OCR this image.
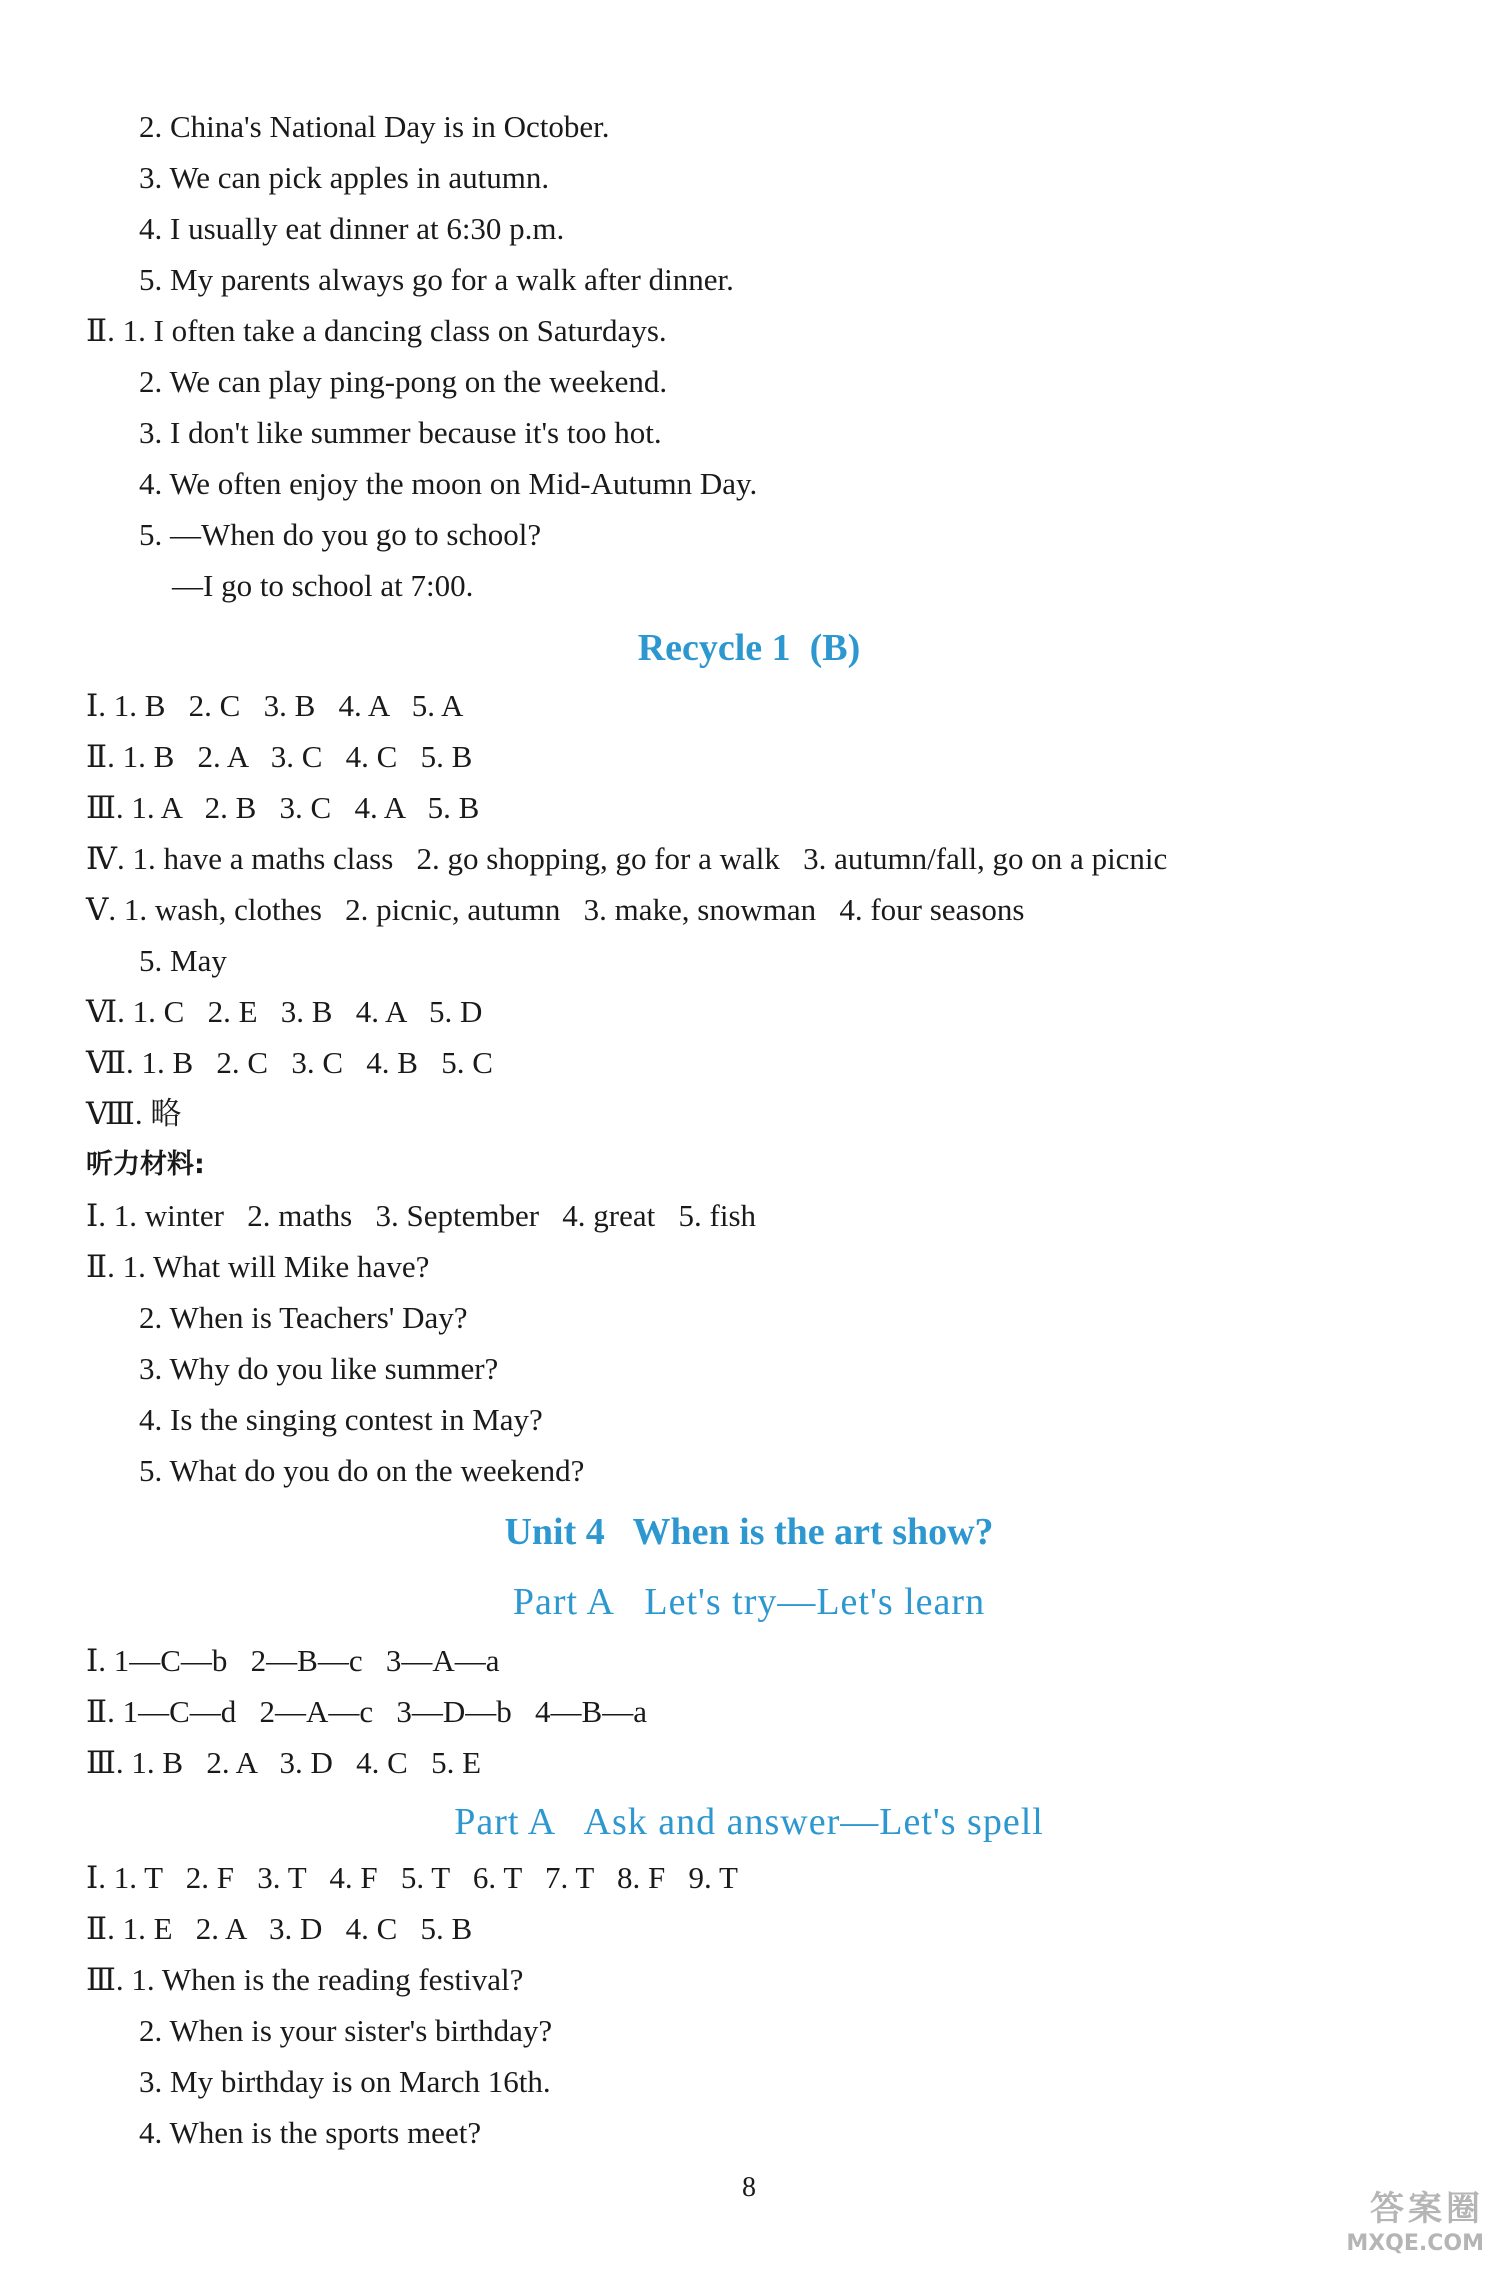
2. China's National Day is in October.
3. We can pick apples in autumn.
4. I usually eat dinner at 6:30 p.m.
5. My parents always go for a walk after dinner.
Ⅱ. 1. I often take a dancing class on Saturdays.
2. We can play ping-pong on the weekend.
3. I don't like summer because it's too hot.
4. We often enjoy the moon on Mid-Autumn Day.
5. —When do you go to school?
—I go to school at 7:00.
Recycle 1  (B)
Ⅰ. 1. B   2. C   3. B   4. A   5. A
Ⅱ. 1. B   2. A   3. C   4. C   5. B
Ⅲ. 1. A   2. B   3. C   4. A   5. B
Ⅳ. 1. have a maths class   2. go shopping, go for a walk   3. autumn/fall, go on a picnic
Ⅴ. 1. wash, clothes   2. picnic, autumn   3. make, snowman   4. four seasons
5. May
Ⅵ. 1. C   2. E   3. B   4. A   5. D
Ⅶ. 1. B   2. C   3. C   4. B   5. C
Ⅷ. 略
听力材料:
Ⅰ. 1. winter   2. maths   3. September   4. great   5. fish
Ⅱ. 1. What will Mike have?
2. When is Teachers' Day?
3. Why do you like summer?
4. Is the singing contest in May?
5. What do you do on the weekend?
Unit 4   When is the art show?
Part A   Let's try—Let's learn
Ⅰ. 1—C—b   2—B—c   3—A—a
Ⅱ. 1—C—d   2—A—c   3—D—b   4—B—a
Ⅲ. 1. B   2. A   3. D   4. C   5. E
Part A   Ask and answer—Let's spell
Ⅰ. 1. T   2. F   3. T   4. F   5. T   6. T   7. T   8. F   9. T
Ⅱ. 1. E   2. A   3. D   4. C   5. B
Ⅲ. 1. When is the reading festival?
2. When is your sister's birthday?
3. My birthday is on March 16th.
4. When is the sports meet?
8
答案圈
MXQE.COM
